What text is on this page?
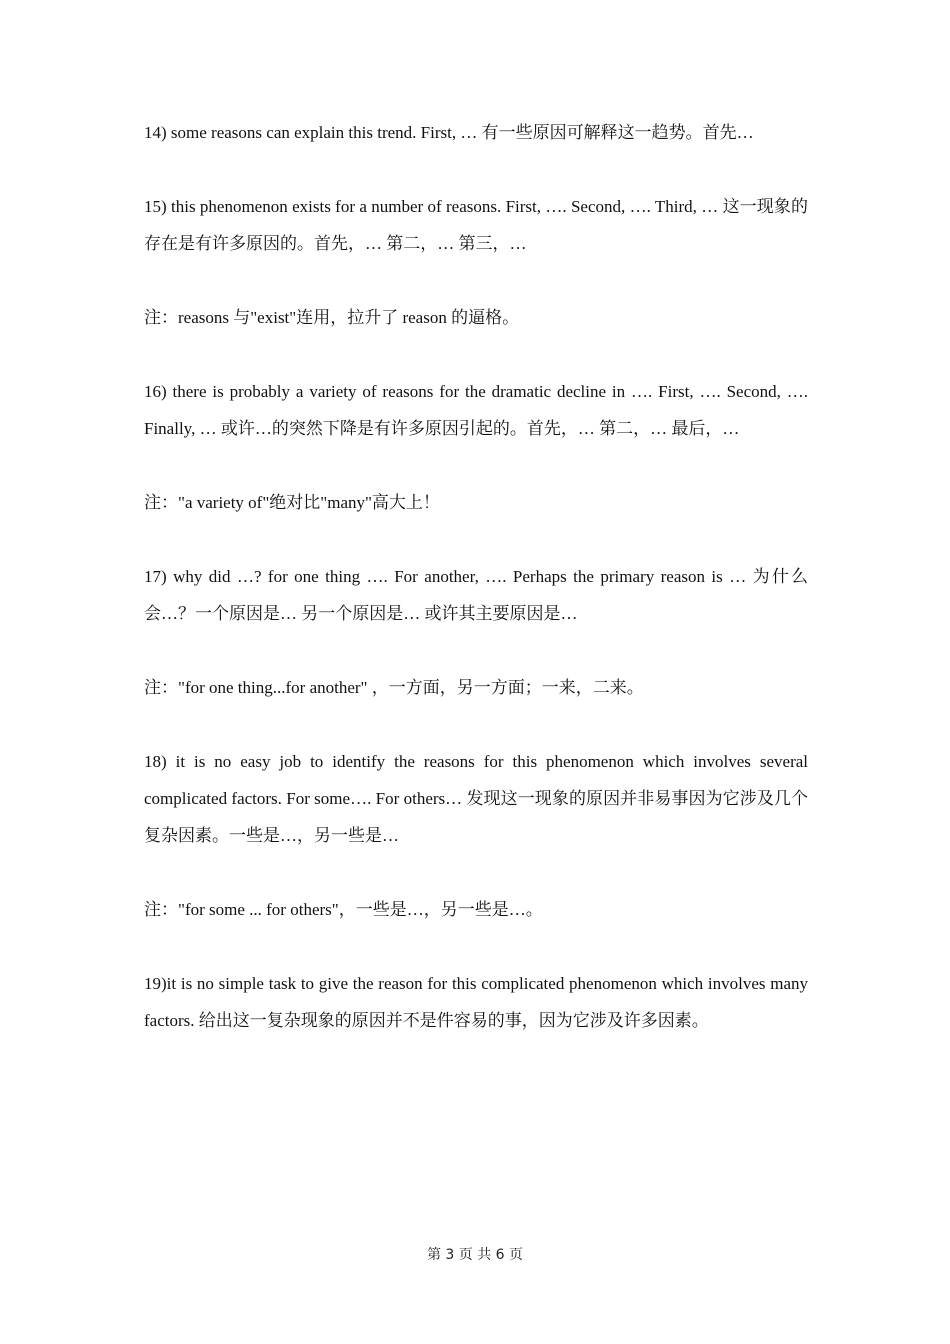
14) some reasons can explain this trend. First, … 有一些原因可解释这一趋势。首先…

15) this phenomenon exists for a number of reasons. First, …. Second, …. Third, … 这一现象的存在是有许多原因的。首先，… 第二，… 第三，…

注：reasons 与"exist"连用，拉升了 reason 的逼格。

16) there is probably a variety of reasons for the dramatic decline in …. First, …. Second, …. Finally, … 或许…的突然下降是有许多原因引起的。首先，… 第二，… 最后，…

注："a variety of"绝对比"many"高大上！

17) why did …? for one thing …. For another, …. Perhaps the primary reason is … 为什么会…？一个原因是… 另一个原因是… 或许其主要原因是…

注："for one thing...for another" ，一方面，另一方面；一来，二来。

18) it is no easy job to identify the reasons for this phenomenon which involves several complicated factors. For some…. For others… 发现这一现象的原因并非易事因为它涉及几个复杂因素。一些是…，另一些是…

注："for some ... for others"，一些是…，另一些是…。

19)it is no simple task to give the reason for this complicated phenomenon which involves many factors. 给出这一复杂现象的原因并不是件容易的事，因为它涉及许多因素。

第 3 页 共 6 页
